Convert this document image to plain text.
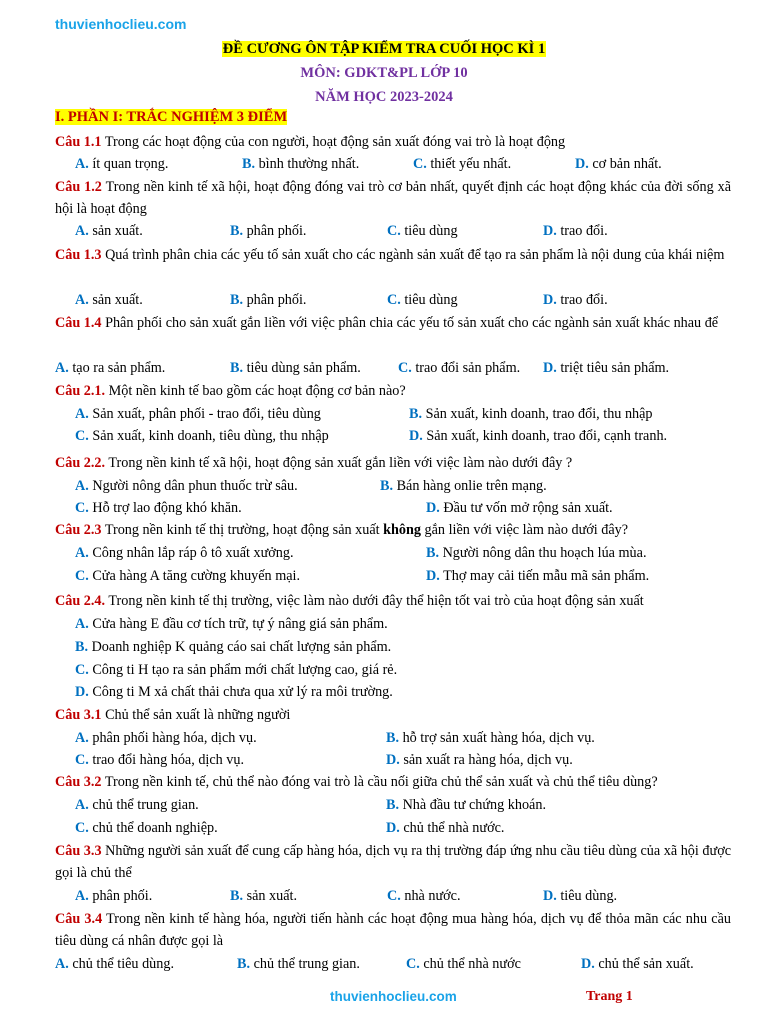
thuvienhoclieu.com
ĐỀ CƯƠNG ÔN TẬP KIỂM TRA CUỐI HỌC KÌ 1
MÔN: GDKT&PL LỚP 10
NĂM HỌC 2023-2024
I. PHẦN I: TRẮC NGHIỆM 3 ĐIỂM
Câu 1.1 Trong các hoạt động của con người, hoạt động sản xuất đóng vai trò là hoạt động
A. ít quan trọng.	B. bình thường nhất.	C. thiết yếu nhất.	D. cơ bản nhất.
Câu 1.2 Trong nền kinh tế xã hội, hoạt động đóng vai trò cơ bản nhất, quyết định các hoạt động khác của đời sống xã hội là hoạt động
A. sản xuất.	B. phân phối.	C. tiêu dùng	D. trao đổi.
Câu 1.3 Quá trình phân chia các yếu tố sản xuất cho các ngành sản xuất để tạo ra sản phẩm là nội dung của khái niệm
A. sản xuất.	B. phân phối.	C. tiêu dùng	D. trao đổi.
Câu 1.4 Phân phối cho sản xuất gắn liền với việc phân chia các yếu tố sản xuất cho các ngành sản xuất khác nhau để
A. tạo ra sản phẩm.	B. tiêu dùng sản phẩm.	C. trao đổi sản phẩm. D. triệt tiêu sản phẩm.
Câu 2.1. Một nền kinh tế bao gồm các hoạt động cơ bản nào?
A. Sản xuất, phân phối - trao đổi, tiêu dùng	B. Sản xuất, kinh doanh, trao đổi, thu nhập
C. Sản xuất, kinh doanh, tiêu dùng, thu nhập	D. Sản xuất, kinh doanh, trao đổi, cạnh tranh.
Câu 2.2. Trong nền kinh tế xã hội, hoạt động sản xuất gắn liền với việc làm nào dưới đây ?
A. Người nông dân phun thuốc trừ sâu.	B. Bán hàng onlie trên mạng.
C. Hỗ trợ lao động khó khăn.	D. Đầu tư vốn mở rộng sản xuất.
Câu 2.3 Trong nền kinh tế thị trường, hoạt động sản xuất không gắn liền với việc làm nào dưới đây?
A. Công nhân lắp ráp ô tô xuất xưởng.	B. Người nông dân thu hoạch lúa mùa.
C. Cửa hàng A tăng cường khuyến mại.	D. Thợ may cải tiến mẫu mã sản phẩm.
Câu 2.4. Trong nền kinh tế thị trường, việc làm nào dưới đây thể hiện tốt vai trò của hoạt động sản xuất
A. Cửa hàng E đầu cơ tích trữ, tự ý nâng giá sản phẩm.
B. Doanh nghiệp K quảng cáo sai chất lượng sản phẩm.
C. Công ti H tạo ra sản phẩm mới chất lượng cao, giá rẻ.
D. Công ti M xả chất thải chưa qua xử lý ra môi trường.
Câu 3.1 Chủ thể sản xuất là những người
A. phân phối hàng hóa, dịch vụ.	B. hỗ trợ sản xuất hàng hóa, dịch vụ.
C. trao đổi hàng hóa, dịch vụ.	D. sản xuất ra hàng hóa, dịch vụ.
Câu 3.2 Trong nền kinh tế, chủ thể nào đóng vai trò là cầu nối giữa chủ thể sản xuất và chủ thể tiêu dùng?
A. chủ thể trung gian.	B. Nhà đầu tư chứng khoán.
C. chủ thể doanh nghiệp.	D. chủ thể nhà nước.
Câu 3.3 Những người sản xuất để cung cấp hàng hóa, dịch vụ ra thị trường đáp ứng nhu cầu tiêu dùng của xã hội được gọi là chủ thể
A. phân phối.	B. sản xuất.	C. nhà nước.	D. tiêu dùng.
Câu 3.4 Trong nền kinh tế hàng hóa, người tiến hành các hoạt động mua hàng hóa, dịch vụ để thỏa mãn các nhu cầu tiêu dùng cá nhân được gọi là
A. chủ thể tiêu dùng.	B. chủ thể trung gian.	C. chủ thể nhà nước	D. chủ thể sản xuất.
thuvienhoclieu.com	Trang 1
